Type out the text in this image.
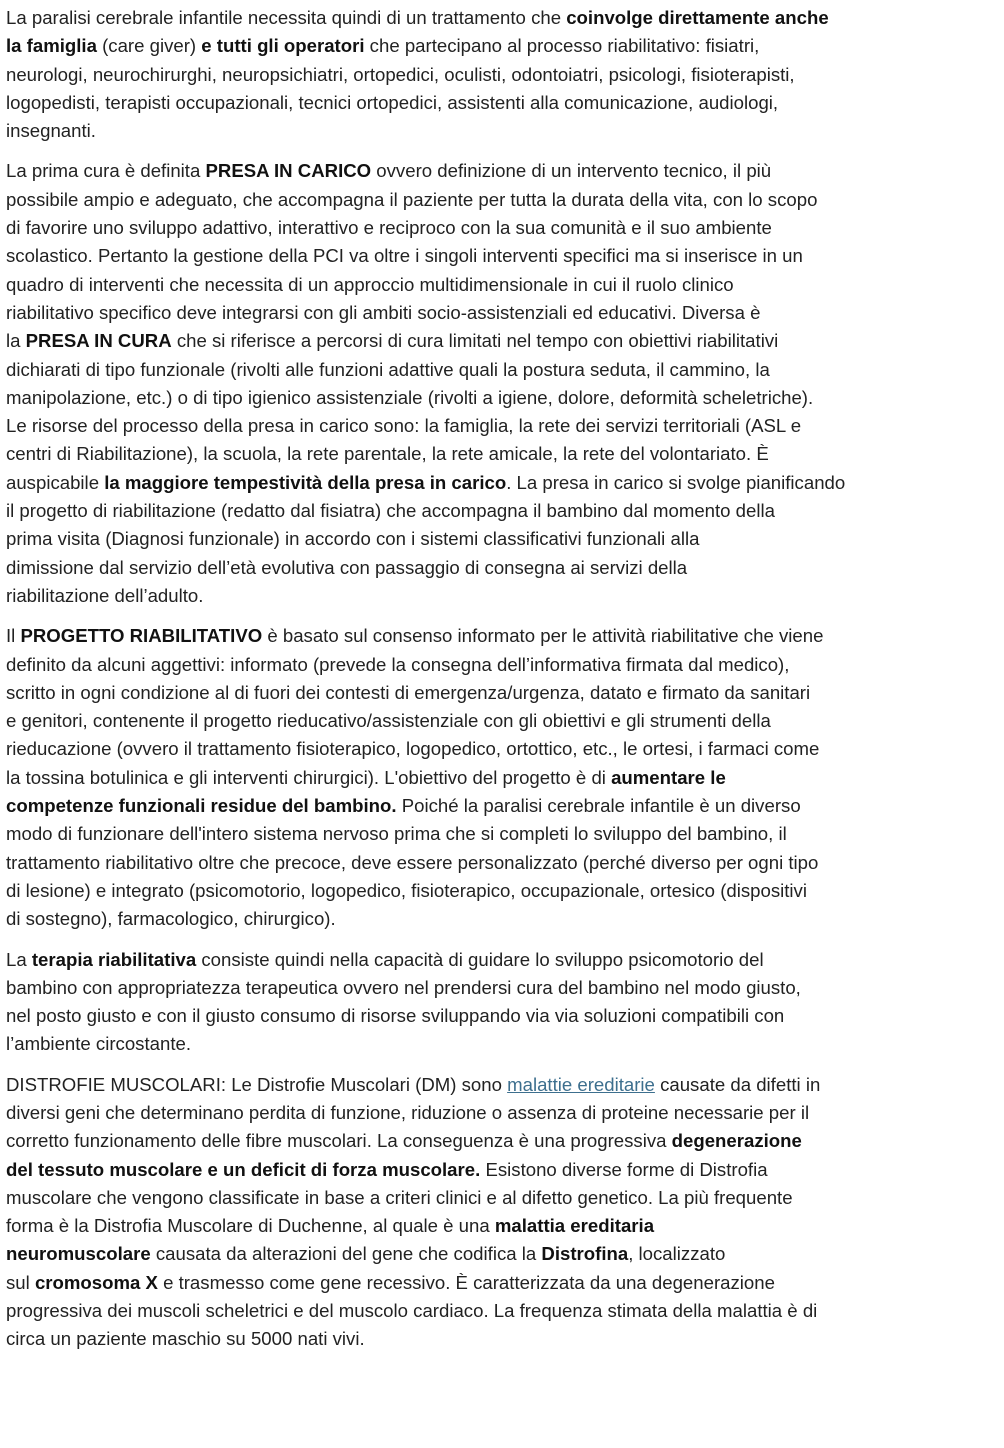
La paralisi cerebrale infantile necessita quindi di un trattamento che coinvolge direttamente anche
la famiglia (care giver) e tutti gli operatori che partecipano al processo riabilitativo: fisiatri,
neurologi, neurochirurghi, neuropsichiatri, ortopedici, oculisti, odontoiatri, psicologi, fisioterapisti,
logopedisti, terapisti occupazionali, tecnici ortopedici, assistenti alla comunicazione, audiologi,
insegnanti.

La prima cura è definita PRESA IN CARICO ovvero definizione di un intervento tecnico, il più
possibile ampio e adeguato, che accompagna il paziente per tutta la durata della vita, con lo scopo
di favorire uno sviluppo adattivo, interattivo e reciproco con la sua comunità e il suo ambiente
scolastico. Pertanto la gestione della PCI va oltre i singoli interventi specifici ma si inserisce in un
quadro di interventi che necessita di un approccio multidimensionale in cui il ruolo clinico
riabilitativo specifico deve integrarsi con gli ambiti socio-assistenziali ed educativi. Diversa è
la PRESA IN CURA che si riferisce a percorsi di cura limitati nel tempo con obiettivi riabilitativi
dichiarati di tipo funzionale (rivolti alle funzioni adattive quali la postura seduta, il cammino, la
manipolazione, etc.) o di tipo igienico assistenziale (rivolti a igiene, dolore, deformità scheletriche).
Le risorse del processo della presa in carico sono: la famiglia, la rete dei servizi territoriali (ASL e
centri di Riabilitazione), la scuola, la rete parentale, la rete amicale, la rete del volontariato. È
auspicabile la maggiore tempestività della presa in carico. La presa in carico si svolge pianificando
il progetto di riabilitazione (redatto dal fisiatra) che accompagna il bambino dal momento della
prima visita (Diagnosi funzionale) in accordo con i sistemi classificativi funzionali alla
dimissione dal servizio dell’età evolutiva con passaggio di consegna ai servizi della
riabilitazione dell’adulto.

Il PROGETTO RIABILITATIVO è basato sul consenso informato per le attività riabilitative che viene
definito da alcuni aggettivi: informato (prevede la consegna dell’informativa firmata dal medico),
scritto in ogni condizione al di fuori dei contesti di emergenza/urgenza, datato e firmato da sanitari
e genitori, contenente il progetto rieducativo/assistenziale con gli obiettivi e gli strumenti della
rieducazione (ovvero il trattamento fisioterapico, logopedico, ortottico, etc., le ortesi, i farmaci come
la tossina botulinica e gli interventi chirurgici). L'obiettivo del progetto è di aumentare le
competenze funzionali residue del bambino. Poiché la paralisi cerebrale infantile è un diverso
modo di funzionare dell'intero sistema nervoso prima che si completi lo sviluppo del bambino, il
trattamento riabilitativo oltre che precoce, deve essere personalizzato (perché diverso per ogni tipo
di lesione) e integrato (psicomotorio, logopedico, fisioterapico, occupazionale, ortesico (dispositivi
di sostegno), farmacologico, chirurgico).

La terapia riabilitativa consiste quindi nella capacità di guidare lo sviluppo psicomotorio del
bambino con appropriatezza terapeutica ovvero nel prendersi cura del bambino nel modo giusto,
nel posto giusto e con il giusto consumo di risorse sviluppando via via soluzioni compatibili con
l’ambiente circostante.

DISTROFIE MUSCOLARI: Le Distrofie Muscolari (DM) sono malattie ereditarie causate da difetti in
diversi geni che determinano perdita di funzione, riduzione o assenza di proteine necessarie per il
corretto funzionamento delle fibre muscolari. La conseguenza è una progressiva degenerazione
del tessuto muscolare e un deficit di forza muscolare. Esistono diverse forme di Distrofia
muscolare che vengono classificate in base a criteri clinici e al difetto genetico. La più frequente
forma è la Distrofia Muscolare di Duchenne, al quale è una malattia ereditaria
neuromuscolare causata da alterazioni del gene che codifica la Distrofina, localizzato
sul cromosoma X e trasmesso come gene recessivo. È caratterizzata da una degenerazione
progressiva dei muscoli scheletrici e del muscolo cardiaco. La frequenza stimata della malattia è di
circa un paziente maschio su 5000 nati vivi.
